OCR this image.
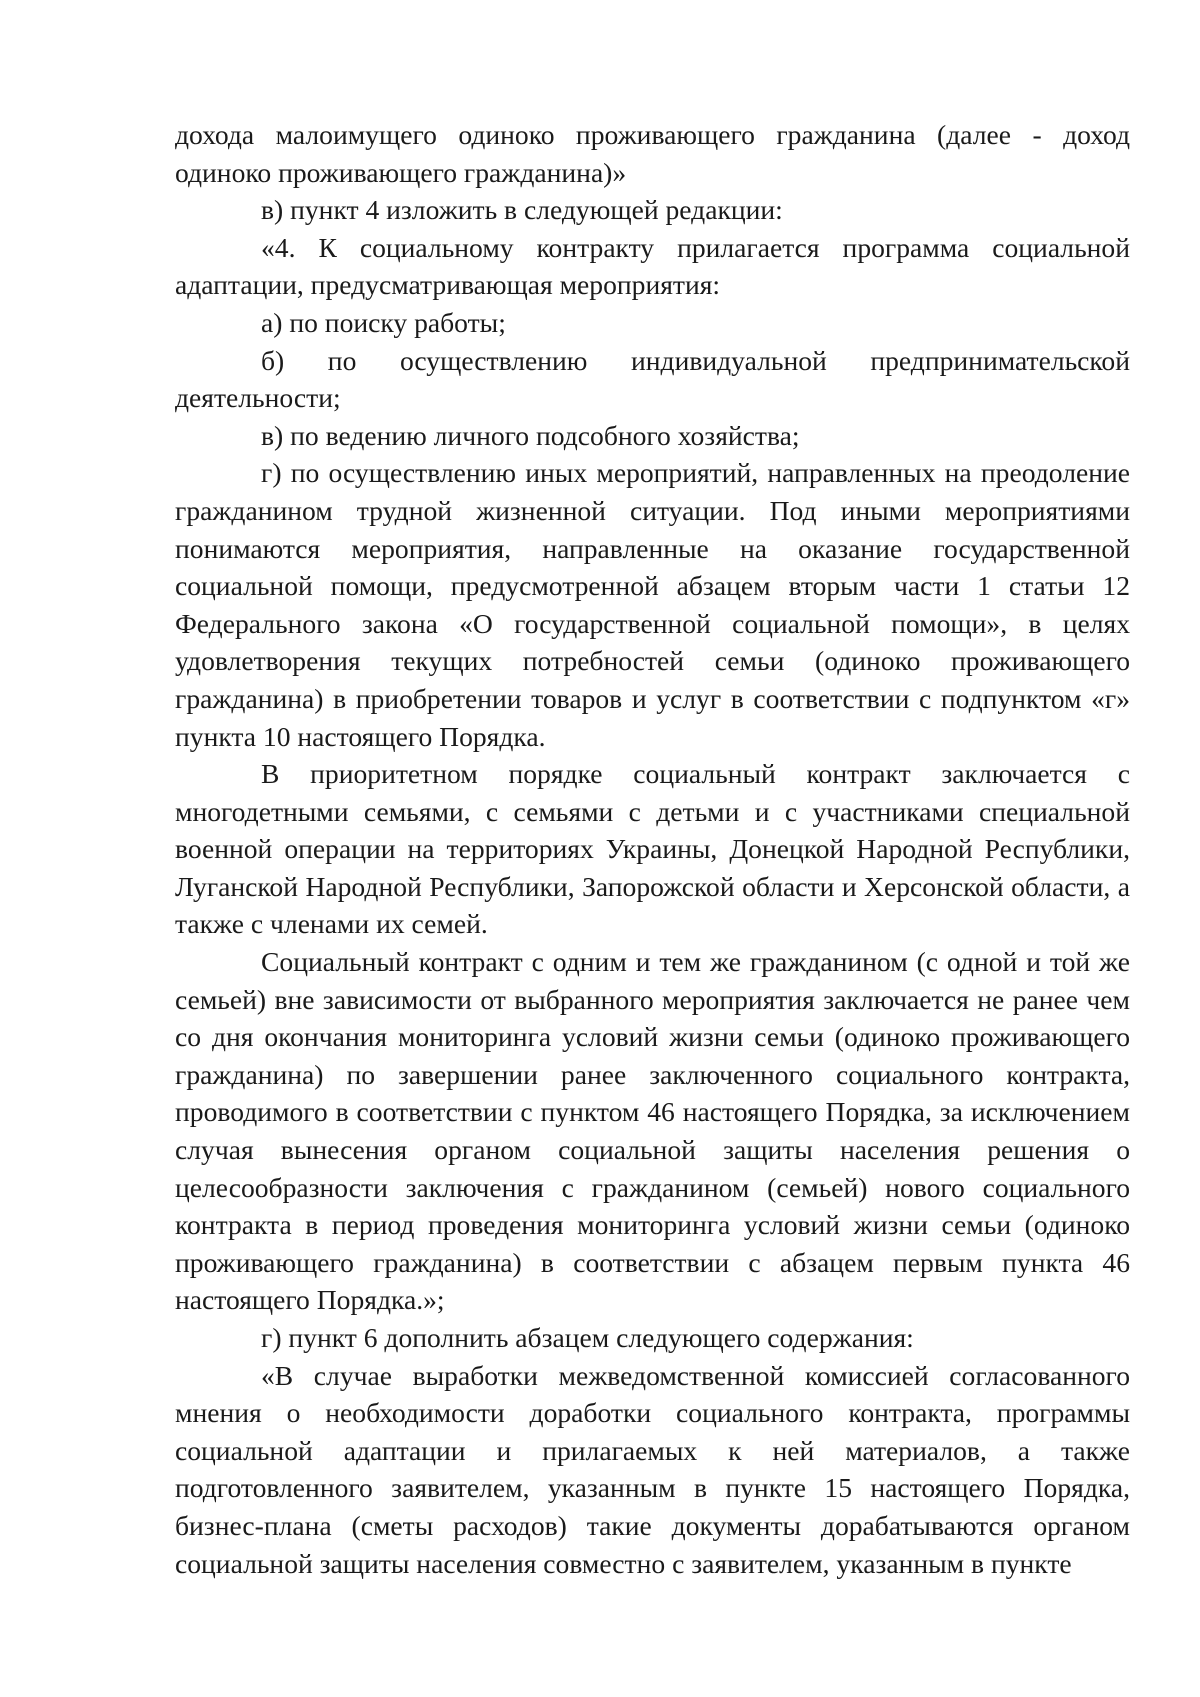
дохода малоимущего одиноко проживающего гражданина (далее - доход одиноко проживающего гражданина)»

в) пункт 4 изложить в следующей редакции:

«4. К социальному контракту прилагается программа социальной адаптации, предусматривающая мероприятия:

а) по поиску работы;

б) по осуществлению индивидуальной предпринимательской деятельности;

в) по ведению личного подсобного хозяйства;

г) по осуществлению иных мероприятий, направленных на преодоление гражданином трудной жизненной ситуации. Под иными мероприятиями понимаются мероприятия, направленные на оказание государственной социальной помощи, предусмотренной абзацем вторым части 1 статьи 12 Федерального закона «О государственной социальной помощи», в целях удовлетворения текущих потребностей семьи (одиноко проживающего гражданина) в приобретении товаров и услуг в соответствии с подпунктом «г» пункта 10 настоящего Порядка.

В приоритетном порядке социальный контракт заключается с многодетными семьями, с семьями с детьми и с участниками специальной военной операции на территориях Украины, Донецкой Народной Республики, Луганской Народной Республики, Запорожской области и Херсонской области, а также с членами их семей.

Социальный контракт с одним и тем же гражданином (с одной и той же семьей) вне зависимости от выбранного мероприятия заключается не ранее чем со дня окончания мониторинга условий жизни семьи (одиноко проживающего гражданина) по завершении ранее заключенного социального контракта, проводимого в соответствии с пунктом 46 настоящего Порядка, за исключением случая вынесения органом социальной защиты населения решения о целесообразности заключения с гражданином (семьей) нового социального контракта в период проведения мониторинга условий жизни семьи (одиноко проживающего гражданина) в соответствии с абзацем первым пункта 46 настоящего Порядка.»;

г) пункт 6 дополнить абзацем следующего содержания:

«В случае выработки межведомственной комиссией согласованного мнения о необходимости доработки социального контракта, программы социальной адаптации и прилагаемых к ней материалов, а также подготовленного заявителем, указанным в пункте 15 настоящего Порядка, бизнес-плана (сметы расходов) такие документы дорабатываются органом социальной защиты населения совместно с заявителем, указанным в пункте
